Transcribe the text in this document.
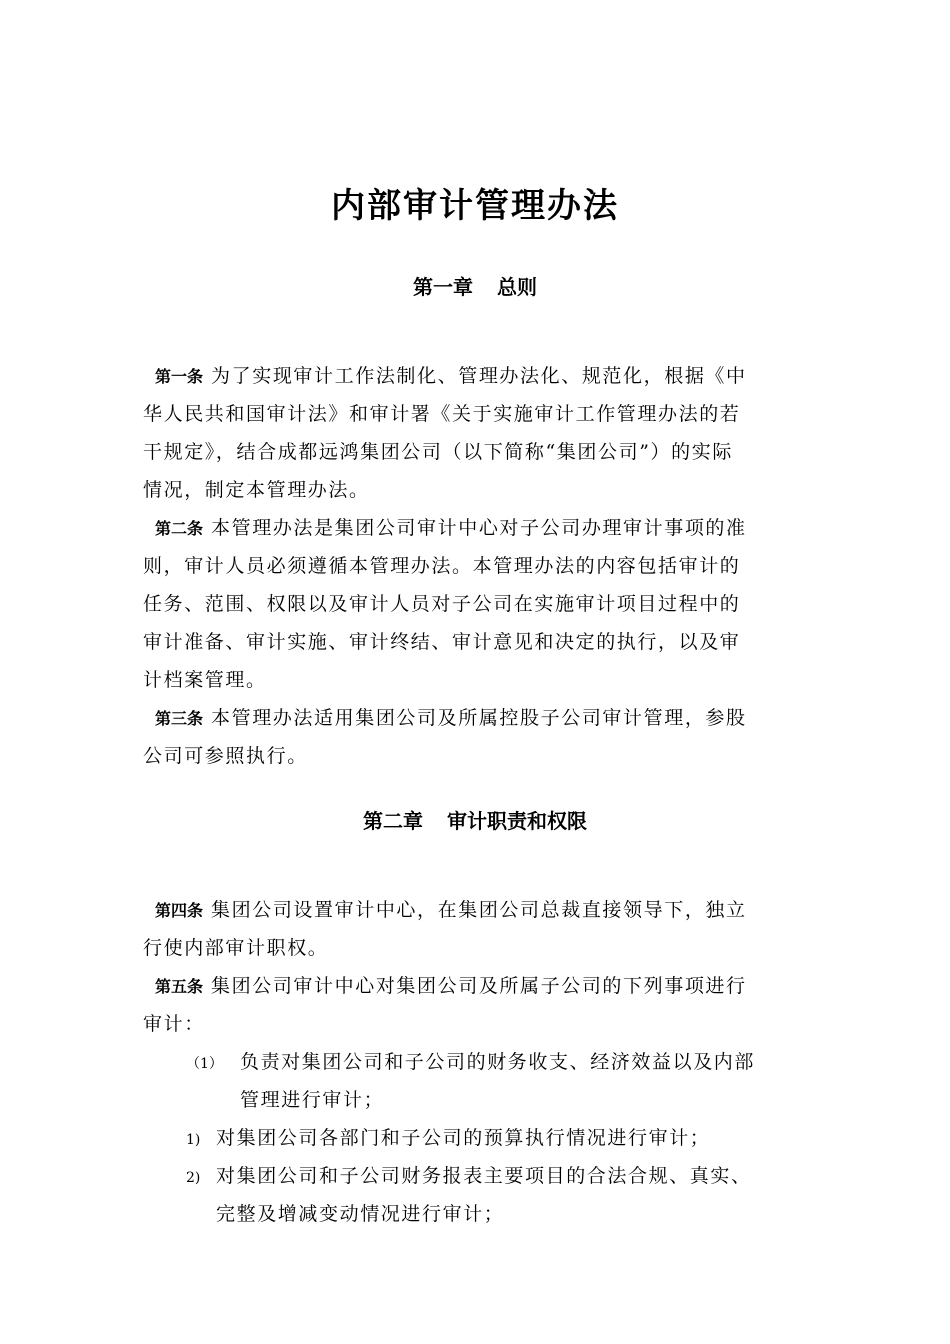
内部审计管理办法
第一章 总则
第一条 为了实现审计工作法制化、管理办法化、规范化，根据《中
华人民共和国审计法》和审计署《关于实施审计工作管理办法的若
干规定》，结合成都远鸿集团公司（以下简称“集团公司”）的实际
情况，制定本管理办法。
第二条 本管理办法是集团公司审计中心对子公司办理审计事项的准
则，审计人员必须遵循本管理办法。本管理办法的内容包括审计的
任务、范围、权限以及审计人员对子公司在实施审计项目过程中的
审计准备、审计实施、审计终结、审计意见和决定的执行，以及审
计档案管理。
第三条 本管理办法适用集团公司及所属控股子公司审计管理，参股
公司可参照执行。
第二章 审计职责和权限
第四条 集团公司设置审计中心，在集团公司总裁直接领导下，独立
行使内部审计职权。
第五条 集团公司审计中心对集团公司及所属子公司的下列事项进行
审计：
（1） 负责对集团公司和子公司的财务收支、经济效益以及内部
管理进行审计；
1) 对集团公司各部门和子公司的预算执行情况进行审计；
2) 对集团公司和子公司财务报表主要项目的合法合规、真实、
完整及增减变动情况进行审计；
